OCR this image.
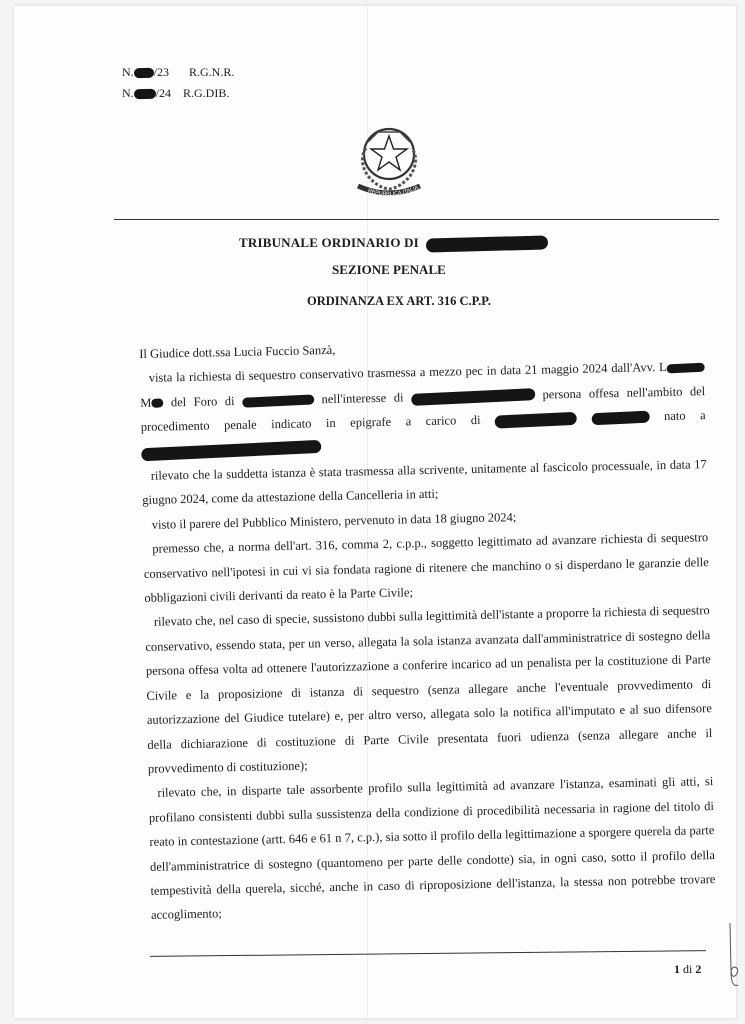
N. /23 R.G.N.R.
N. /24 R.G.DIB.
REPUBBLICA ITALIA
TRIBUNALE ORDINARIO DI
SEZIONE PENALE
ORDINANZA EX ART. 316 C.P.P.

Il Giudice dott.ssa Lucia Fuccio Sanzà,

vista la richiesta di sequestro conservativo trasmessa a mezzo pec in data 21 maggio 2024 dall'Avv. L M del Foro di	nell'interesse di	persona offesa nell'ambito del procedimento penale indicato in epigrafe a carico di	nato a

rilevato che la suddetta istanza è stata trasmessa alla scrivente, unitamente al fascicolo processuale, in data 17 giugno 2024, come da attestazione della Cancelleria in atti;

visto il parere del Pubblico Ministero, pervenuto in data 18 giugno 2024;

premesso che, a norma dell'art. 316, comma 2, c.p.p., soggetto legittimato ad avanzare richiesta di sequestro conservativo nell'ipotesi in cui vi sia fondata ragione di ritenere che manchino o si disperdano le garanzie delle obbligazioni civili derivanti da reato è la Parte Civile;

rilevato che, nel caso di specie, sussistono dubbi sulla legittimità dell'istante a proporre la richiesta di sequestro conservativo, essendo stata, per un verso, allegata la sola istanza avanzata dall'amministratrice di sostegno della persona offesa volta ad ottenere l'autorizzazione a conferire incarico ad un penalista per la costituzione di Parte Civile e la proposizione di istanza di sequestro (senza allegare anche l'eventuale provvedimento di autorizzazione del Giudice tutelare) e, per altro verso, allegata solo la notifica all'imputato e al suo difensore della dichiarazione di costituzione di Parte Civile presentata fuori udienza (senza allegare anche il provvedimento di costituzione);

rilevato che, in disparte tale assorbente profilo sulla legittimità ad avanzare l'istanza, esaminati gli atti, si profilano consistenti dubbi sulla sussistenza della condizione di procedibilità necessaria in ragione del titolo di reato in contestazione (artt. 646 e 61 n 7, c.p.), sia sotto il profilo della legittimazione a sporgere querela da parte dell'amministratrice di sostegno (quantomeno per parte delle condotte) sia, in ogni caso, sotto il profilo della tempestività della querela, sicché, anche in caso di riproposizione dell'istanza, la stessa non potrebbe trovare accoglimento;

1 di 2
